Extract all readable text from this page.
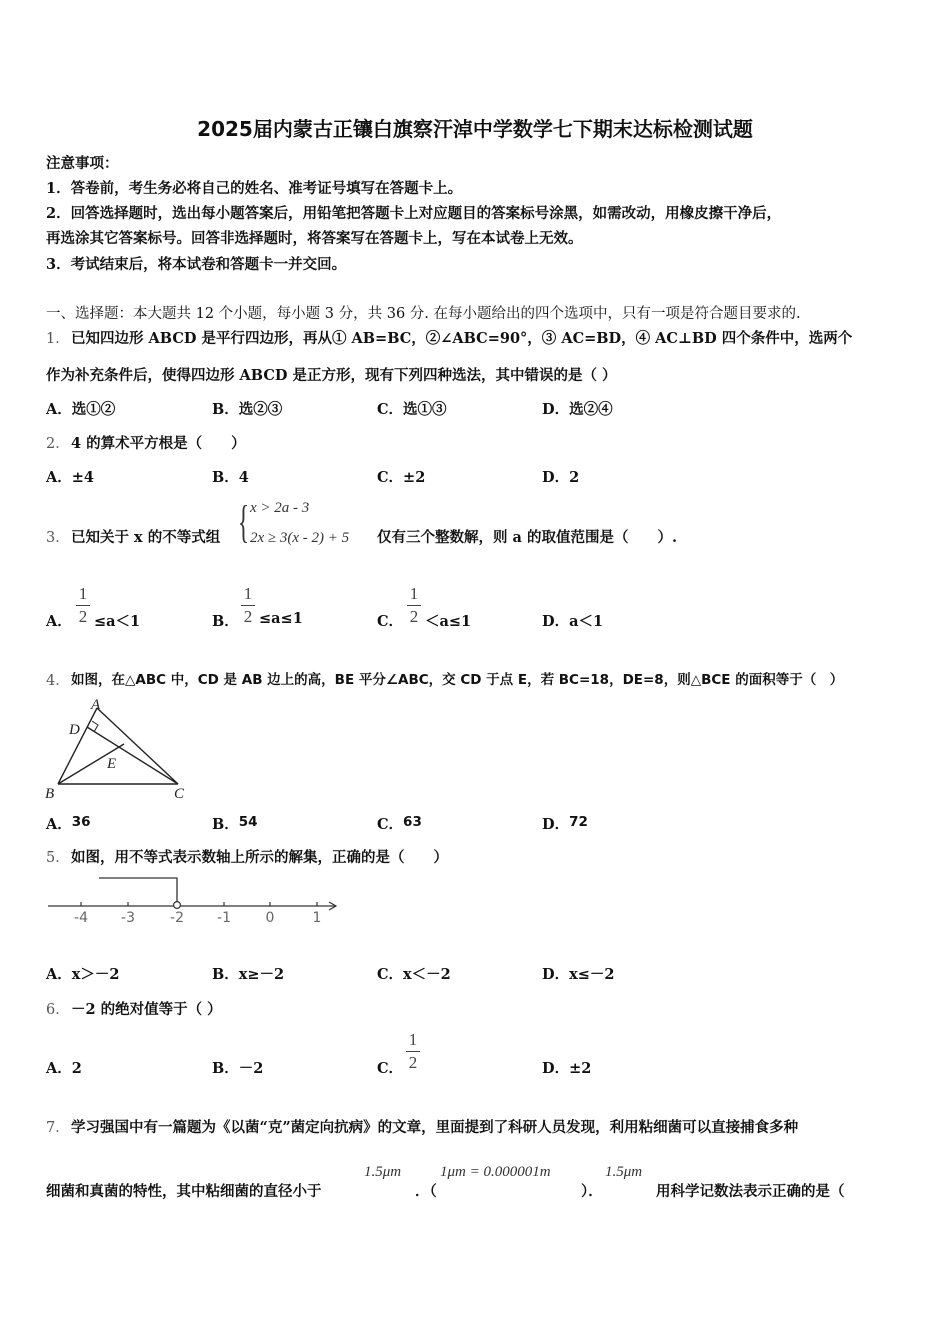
2025届内蒙古正镶白旗察汗淖中学数学七下期末达标检测试题
注意事项：
1．答卷前，考生务必将自己的姓名、准考证号填写在答题卡上。
2．回答选择题时，选出每小题答案后，用铅笔把答题卡上对应题目的答案标号涂黑，如需改动，用橡皮擦干净后，
再选涂其它答案标号。回答非选择题时，将答案写在答题卡上，写在本试卷上无效。
3．考试结束后，将本试卷和答题卡一并交回。
一、选择题：本大题共 12 个小题，每小题 3 分，共 36 分. 在每小题给出的四个选项中，只有一项是符合题目要求的.
1． 已知四边形 ABCD 是平行四边形，再从① AB=BC，②∠ABC=90°，③ AC=BD，④ AC⊥BD 四个条件中，选两个
作为补充条件后，使得四边形 ABCD 是正方形，现有下列四种选法，其中错误的是（ ）
A．选①②	B．选②③	C．选①③	D．选②④
2． 4 的算术平方根是（　　）
A．±4	B．4	C．±2	D．2
3． 已知关于 x 的不等式组 { x > 2a - 3
2x ≥ 3(x - 2) + 5 仅有三个整数解，则 a 的取值范围是（　　）.
A．
1
2 ≤a＜1	B．
1
2 ≤a≤1	C．
1
2 ＜a≤1	D．a＜1
4． 如图，在△ABC 中，CD 是 AB 边上的高，BE 平分∠ABC，交 CD 于点 E，若 BC=18，DE=8，则△BCE 的面积等于（　）
A
D
E
B	C
A．36	B．54	C．63	D．72
5． 如图，用不等式表示数轴上所示的解集，正确的是（　　）
-4 -3	-2 -1 0	1
A．x＞－2	B．x≥－2	C．x＜－2	D．x≤－2
6． －2 的绝对值等于（ ）
A．2	B．－2	C．
1
2	D．±2
7． 学习强国中有一篇题为《以菌“克”菌定向抗病》的文章，里面提到了科研人员发现，利用粘细菌可以直接捕食多种
细菌和真菌的特性，其中粘细菌的直径小于
1.5μm
．（
1μm = 0.000001m
）．
1.5μm
用科学记数法表示正确的是（
